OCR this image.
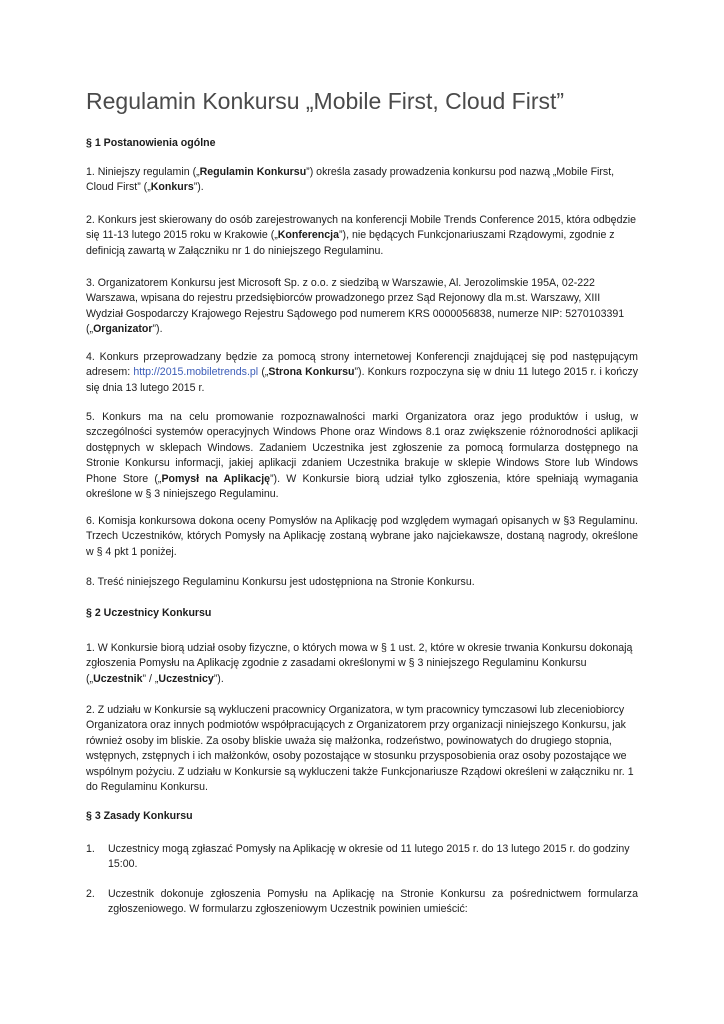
Regulamin Konkursu „Mobile First, Cloud First”
§ 1 Postanowienia ogólne

1. Niniejszy regulamin („Regulamin Konkursu”) określa zasady prowadzenia konkursu pod nazwą „Mobile First, Cloud First” („Konkurs”).

2. Konkurs jest skierowany do osób zarejestrowanych na konferencji Mobile Trends Conference 2015, która odbędzie się 11-13 lutego 2015 roku w Krakowie („Konferencja”), nie będących Funkcjonariuszami Rządowymi, zgodnie z definicją zawartą w Załączniku nr 1 do niniejszego Regulaminu.

3. Organizatorem Konkursu jest Microsoft Sp. z o.o. z siedzibą w Warszawie, Al. Jerozolimskie 195A, 02-222 Warszawa, wpisana do rejestru przedsiębiorców prowadzonego przez Sąd Rejonowy dla m.st. Warszawy, XIII Wydział Gospodarczy Krajowego Rejestru Sądowego pod numerem KRS 0000056838, numerze NIP: 5270103391 („Organizator”).

4. Konkurs przeprowadzany będzie za pomocą strony internetowej Konferencji znajdującej się pod następującym adresem: http://2015.mobiletrends.pl („Strona Konkursu”). Konkurs rozpoczyna się w dniu 11 lutego 2015 r. i kończy się dnia 13 lutego 2015 r.

5. Konkurs ma na celu promowanie rozpoznawalności marki Organizatora oraz jego produktów i usług, w szczególności systemów operacyjnych Windows Phone oraz Windows 8.1 oraz zwiększenie różnorodności aplikacji dostępnych w sklepach Windows. Zadaniem Uczestnika jest zgłoszenie za pomocą formularza dostępnego na Stronie Konkursu informacji, jakiej aplikacji zdaniem Uczestnika brakuje w sklepie Windows Store lub Windows Phone Store („Pomysł na Aplikację”). W Konkursie biorą udział tylko zgłoszenia, które spełniają wymagania określone w § 3 niniejszego Regulaminu.

6. Komisja konkursowa dokona oceny Pomysłów na Aplikację pod względem wymagań opisanych w §3 Regulaminu. Trzech Uczestników, których Pomysły na Aplikację zostaną wybrane jako najciekawsze, dostaną nagrody, określone w § 4 pkt 1 poniżej.

8. Treść niniejszego Regulaminu Konkursu jest udostępniona na Stronie Konkursu.

§ 2 Uczestnicy Konkursu

1. W Konkursie biorą udział osoby fizyczne, o których mowa w § 1 ust. 2, które w okresie trwania Konkursu dokonają zgłoszenia Pomysłu na Aplikację zgodnie z zasadami określonymi w § 3 niniejszego Regulaminu Konkursu („Uczestnik” / „Uczestnicy”).

2. Z udziału w Konkursie są wykluczeni pracownicy Organizatora, w tym pracownicy tymczasowi lub zleceniobiorcy Organizatora oraz innych podmiotów współpracujących z Organizatorem przy organizacji niniejszego Konkursu, jak również osoby im bliskie. Za osoby bliskie uważa się małżonka, rodzeństwo, powinowatych do drugiego stopnia, wstępnych, zstępnych i ich małżonków, osoby pozostające w stosunku przysposobienia oraz osoby pozostające we wspólnym pożyciu. Z udziału w Konkursie są wykluczeni także Funkcjonariusze Rządowi określeni w załączniku nr. 1 do Regulaminu Konkursu.

§ 3 Zasady Konkursu
1. Uczestnicy mogą zgłaszać Pomysły na Aplikację w okresie od 11 lutego 2015 r. do 13 lutego 2015 r. do godziny 15:00.
2. Uczestnik dokonuje zgłoszenia Pomysłu na Aplikację na Stronie Konkursu za pośrednictwem formularza zgłoszeniowego. W formularzu zgłoszeniowym Uczestnik powinien umieścić:
